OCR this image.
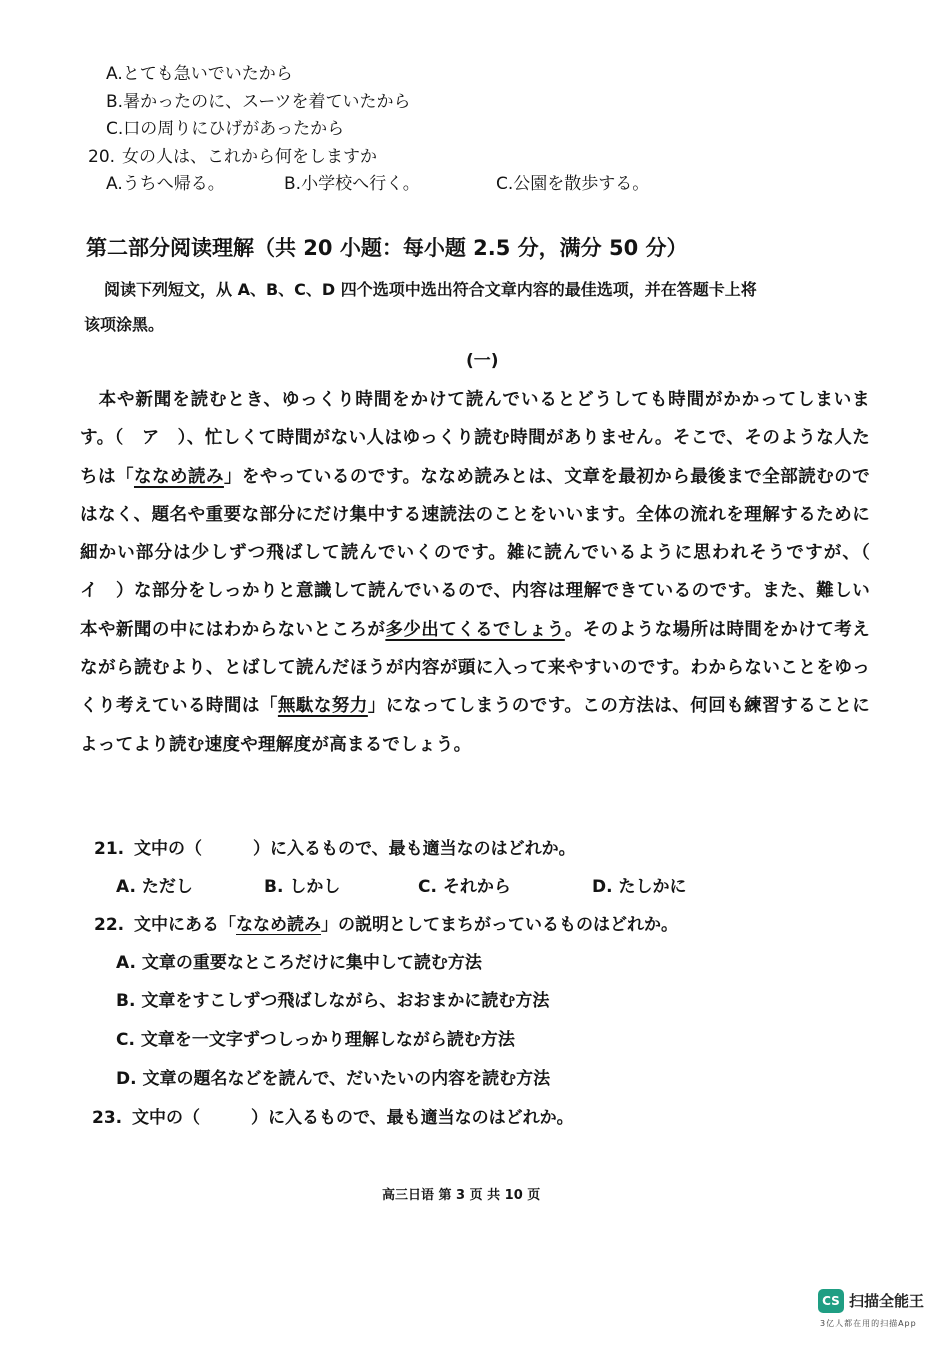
A.とても急いでいたから
B.暑かったのに、スーツを着ていたから
C.口の周りにひげがあったから
20. 女の人は、これから何をしますか
A.うちへ帰る。	B.小学校へ行く。	C.公園を散歩する。
第二部分阅读理解（共 20 小题：每小题 2.5 分，满分 50 分）
阅读下列短文，从 A、B、C、D 四个选项中选出符合文章内容的最佳选项，并在答题卡上将
该项涂黑。
(一)
本や新聞を読むとき、ゆっくり時間をかけて読んでいるとどうしても時間がかかってしまいます。（　ア　）、忙しくて時間がない人はゆっくり読む時間がありません。そこで、そのような人たちは「ななめ読み」をやっているのです。ななめ読みとは、文章を最初から最後まで全部読むのではなく、題名や重要な部分にだけ集中する速読法のことをいいます。全体の流れを理解するために細かい部分は少しずつ飛ばして読んでいくのです。雑に読んでいるように思われそうですが、（　イ　）な部分をしっかりと意識して読んでいるので、内容は理解できているのです。また、難しい本や新聞の中にはわからないところが多少出てくるでしょう。そのような場所は時間をかけて考えながら読むより、とばして読んだほうが内容が頭に入って来やすいのです。わからないことをゆっくり考えている時間は「無駄な努力」になってしまうのです。この方法は、何回も練習することによってより読む速度や理解度が高まるでしょう。
21. 文中の（　　　）に入るもので、最も適当なのはどれか。
A. ただし	B. しかし	C. それから	D. たしかに
22. 文中にある「ななめ読み」の説明としてまちがっているものはどれか。
A. 文章の重要なところだけに集中して読む方法
B. 文章をすこしずつ飛ばしながら、おおまかに読む方法
C. 文章を一文字ずつしっかり理解しながら読む方法
D. 文章の題名などを読んで、だいたいの内容を読む方法
23. 文中の（　　　）に入るもので、最も適当なのはどれか。
高三日语 第 3 页 共 10 页
CS 扫描全能王
3亿人都在用的扫描App
